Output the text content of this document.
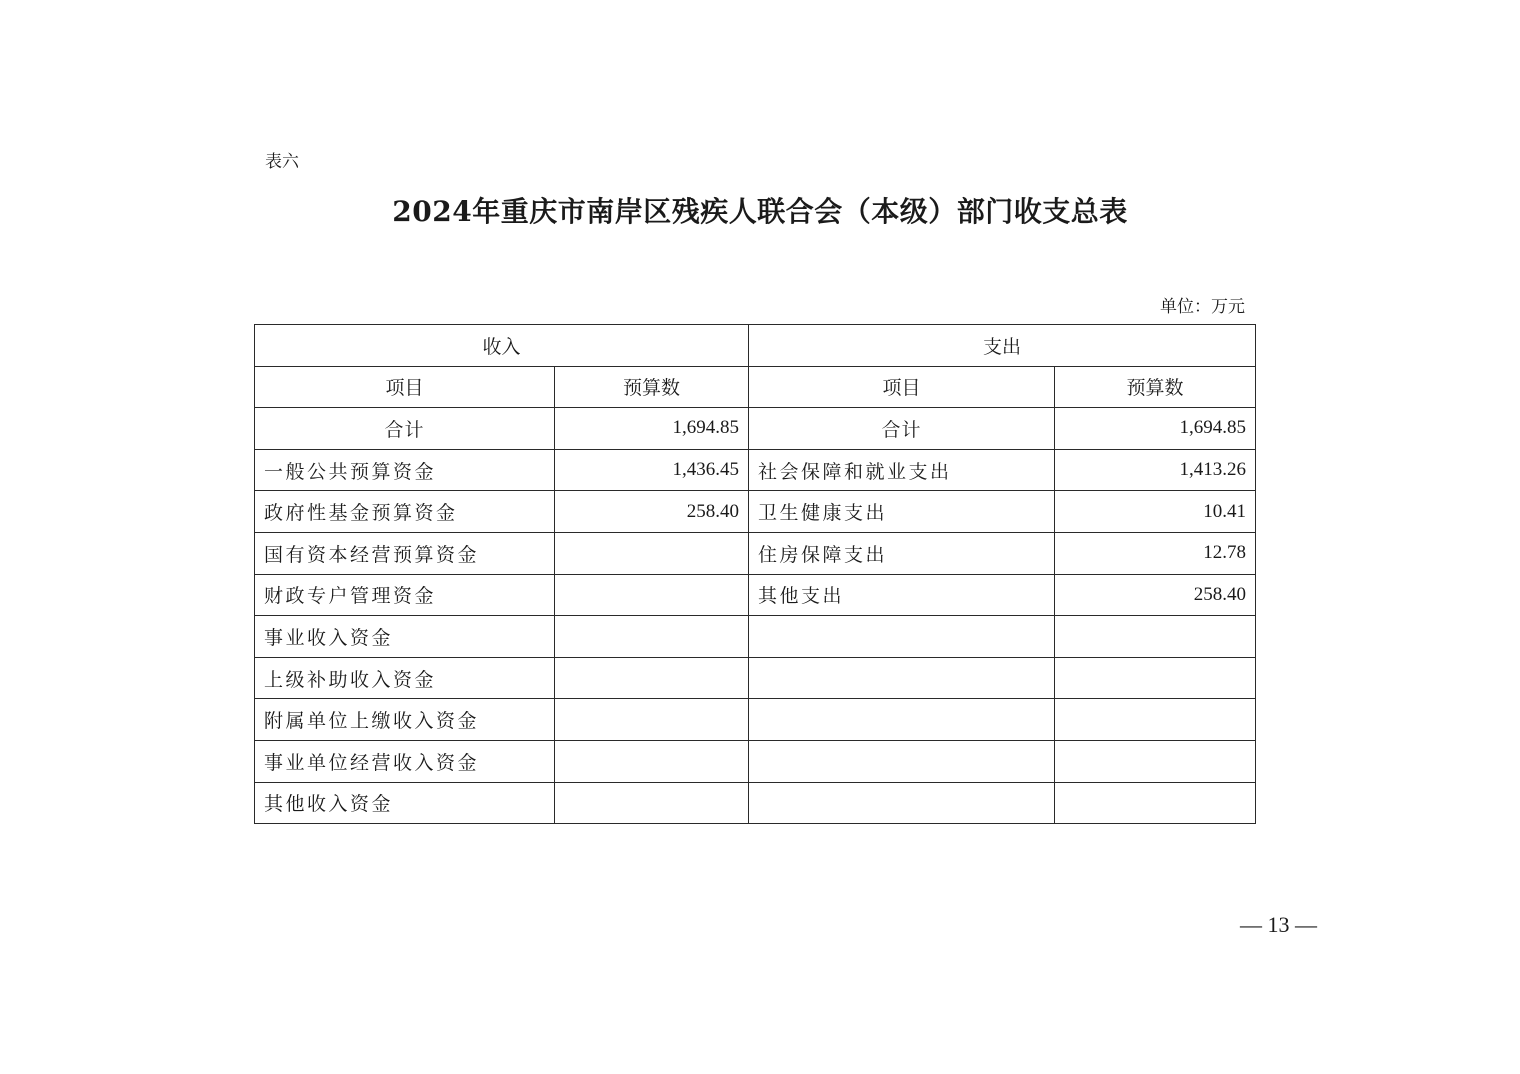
表六
2024年重庆市南岸区残疾人联合会（本级）部门收支总表
单位：万元
收入		支出	
项目	预算数	项目	预算数
合计	1,694.85	合计	1,694.85
一般公共预算资金	1,436.45	社会保障和就业支出	1,413.26
政府性基金预算资金	258.40	卫生健康支出	10.41
国有资本经营预算资金		住房保障支出	12.78
财政专户管理资金		其他支出	258.40
事业收入资金			
上级补助收入资金			
附属单位上缴收入资金			
事业单位经营收入资金			
其他收入资金			
— 13 —
